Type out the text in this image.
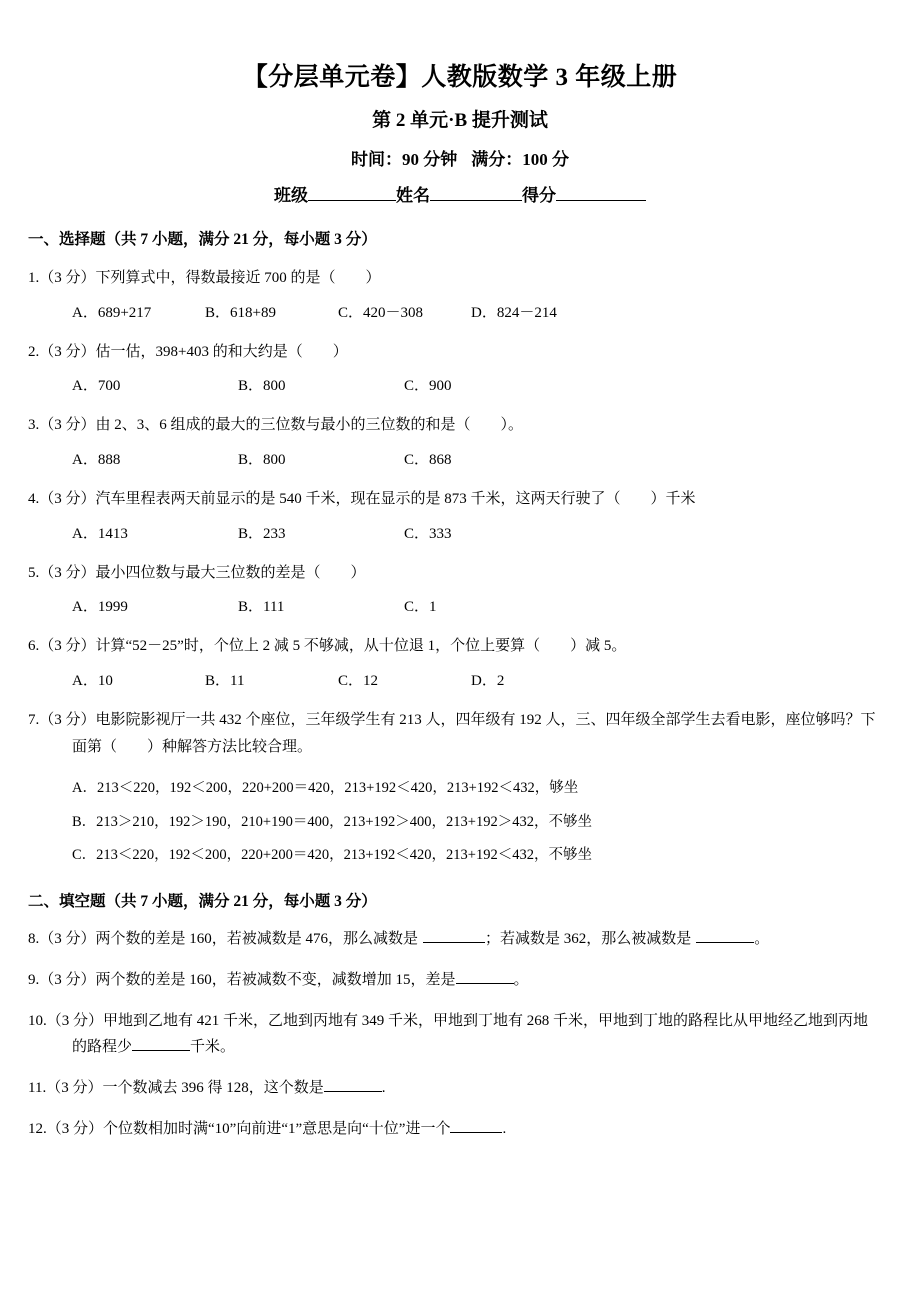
【分层单元卷】人教版数学 3 年级上册
第 2 单元·B 提升测试
时间：90 分钟 满分：100 分
班级	姓名	得分
一、选择题（共 7 小题，满分 21 分，每小题 3 分）
1.（3 分）下列算式中，得数最接近 700 的是（　　）
A．689+217	B．618+89	C．420－308	D．824－214
2.（3 分）估一估，398+403 的和大约是（　　）
A．700	B．800	C．900
3.（3 分）由 2、3、6 组成的最大的三位数与最小的三位数的和是（　　）。
A．888	B．800	C．868
4.（3 分）汽车里程表两天前显示的是 540 千米，现在显示的是 873 千米，这两天行驶了（　　）千米
A．1413	B．233	C．333
5.（3 分）最小四位数与最大三位数的差是（　　）
A．1999	B．111	C．1
6.（3 分）计算“52－25”时，个位上 2 减 5 不够减，从十位退 1，个位上要算（　　）减 5。
A．10	B．11	C．12	D．2
7.（3 分）电影院影视厅一共 432 个座位，三年级学生有 213 人，四年级有 192 人，三、四年级全部学生去看电影，座位够吗？下面第（　　）种解答方法比较合理。
A．213＜220，192＜200，220+200＝420，213+192＜420，213+192＜432，够坐
B．213＞210，192＞190，210+190＝400，213+192＞400，213+192＞432，不够坐
C．213＜220，192＜200，220+200＝420，213+192＜420，213+192＜432，不够坐
二、填空题（共 7 小题，满分 21 分，每小题 3 分）
8.（3 分）两个数的差是 160，若被减数是 476，那么减数是	；若减数是 362，那么被减数是	。
9.（3 分）两个数的差是 160，若被减数不变，减数增加 15，差是	。
10.（3 分）甲地到乙地有 421 千米，乙地到丙地有 349 千米，甲地到丁地有 268 千米，甲地到丁地的路程比从甲地经乙地到丙地的路程少	千米。
11.（3 分）一个数减去 396 得 128，这个数是	.
12.（3 分）个位数相加时满“10”向前进“1”意思是向“十位”进一个	.
